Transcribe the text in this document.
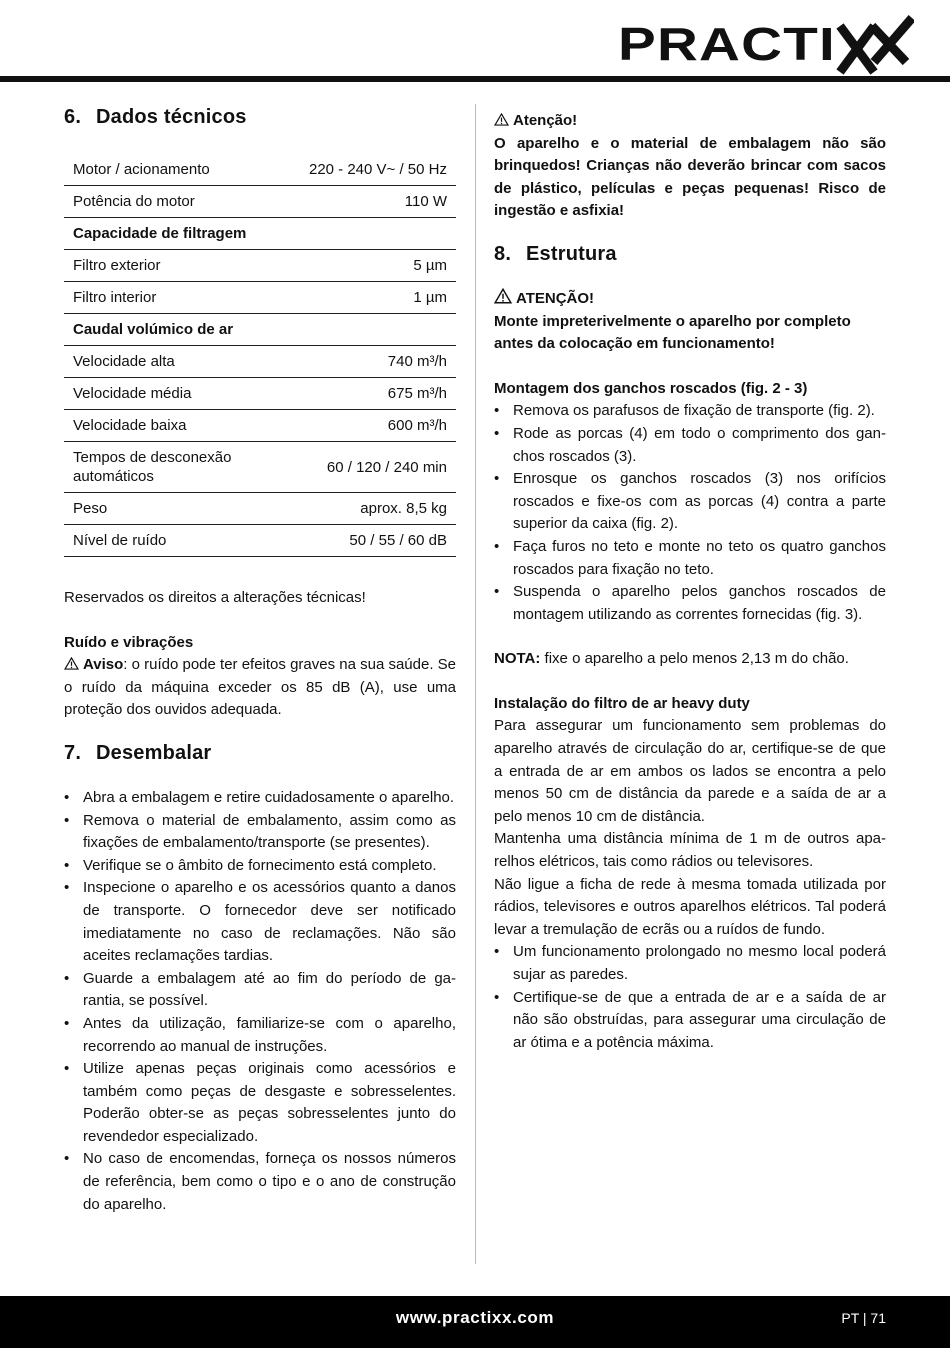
PRACTI
6. Dados técnicos
Motor / acionamento	220 - 240 V~ / 50 Hz
Potência do motor	110 W
Capacidade de filtragem	
Filtro exterior	5 µm
Filtro interior	1 µm
Caudal volúmico de ar	
Velocidade alta	740 m³/h
Velocidade média	675 m³/h
Velocidade baixa	600 m³/h
Tempos de desconexão automáticos	60 / 120 / 240 min
Peso	aprox. 8,5 kg
Nível de ruído	50 / 55 / 60 dB

Reservados os direitos a alterações técnicas!

Ruído e vibrações

Aviso: o ruído pode ter efeitos graves na sua saúde. Se o ruído da máquina exceder os 85 dB (A), use uma proteção dos ouvidos adequada.

7. Desembalar
• Abra a embalagem e retire cuidadosamente o aparelho.
• Remova o material de embalamento, assim como as fixações de embalamento/transporte (se presentes).
• Verifique se o âmbito de fornecimento está completo.
• Inspecione o aparelho e os acessórios quanto a danos de transporte. O fornecedor deve ser notificado imediatamente no caso de reclamações. Não são aceites reclamações tardias.
• Guarde a embalagem até ao fim do período de garantia, se possível.
• Antes da utilização, familiarize-se com o aparelho, recorrendo ao manual de instruções.
• Utilize apenas peças originais como acessórios e também como peças de desgaste e sobresselentes. Poderão obter-se as peças sobresselentes junto do revendedor especializado.
• No caso de encomendas, forneça os nossos números de referência, bem como o tipo e o ano de construção do aparelho.

Atenção!

O aparelho e o material de embalagem não são brinquedos! Crianças não deverão brincar com sacos de plástico, películas e peças pequenas! Risco de ingestão e asfixia!

8. Estrutura

ATENÇÃO!

Monte impreterivelmente o aparelho por completo antes da colocação em funcionamento!

Montagem dos ganchos roscados (fig. 2 - 3)

• Remova os parafusos de fixação de transporte (fig. 2).
• Rode as porcas (4) em todo o comprimento dos ganchos roscados (3).
• Enrosque os ganchos roscados (3) nos orifícios roscados e fixe-os com as porcas (4) contra a parte superior da caixa (fig. 2).
• Faça furos no teto e monte no teto os quatro ganchos roscados para fixação no teto.
• Suspenda o aparelho pelos ganchos roscados de montagem utilizando as correntes fornecidas (fig. 3).

NOTA: fixe o aparelho a pelo menos 2,13 m do chão.

Instalação do filtro de ar heavy duty

Para assegurar um funcionamento sem problemas do aparelho através de circulação do ar, certifique-se de que a entrada de ar em ambos os lados se encontra a pelo menos 50 cm de distância da parede e a saída de ar a pelo menos 10 cm de distância.

Mantenha uma distância mínima de 1 m de outros aparelhos elétricos, tais como rádios ou televisores.

Não ligue a ficha de rede à mesma tomada utilizada por rádios, televisores e outros aparelhos elétricos. Tal poderá levar a tremulação de ecrãs ou a ruídos de fundo.

• Um funcionamento prolongado no mesmo local poderá sujar as paredes.
• Certifique-se de que a entrada de ar e a saída de ar não são obstruídas, para assegurar uma circulação de ar ótima e a potência máxima.
www.practixx.com	PT | 71
